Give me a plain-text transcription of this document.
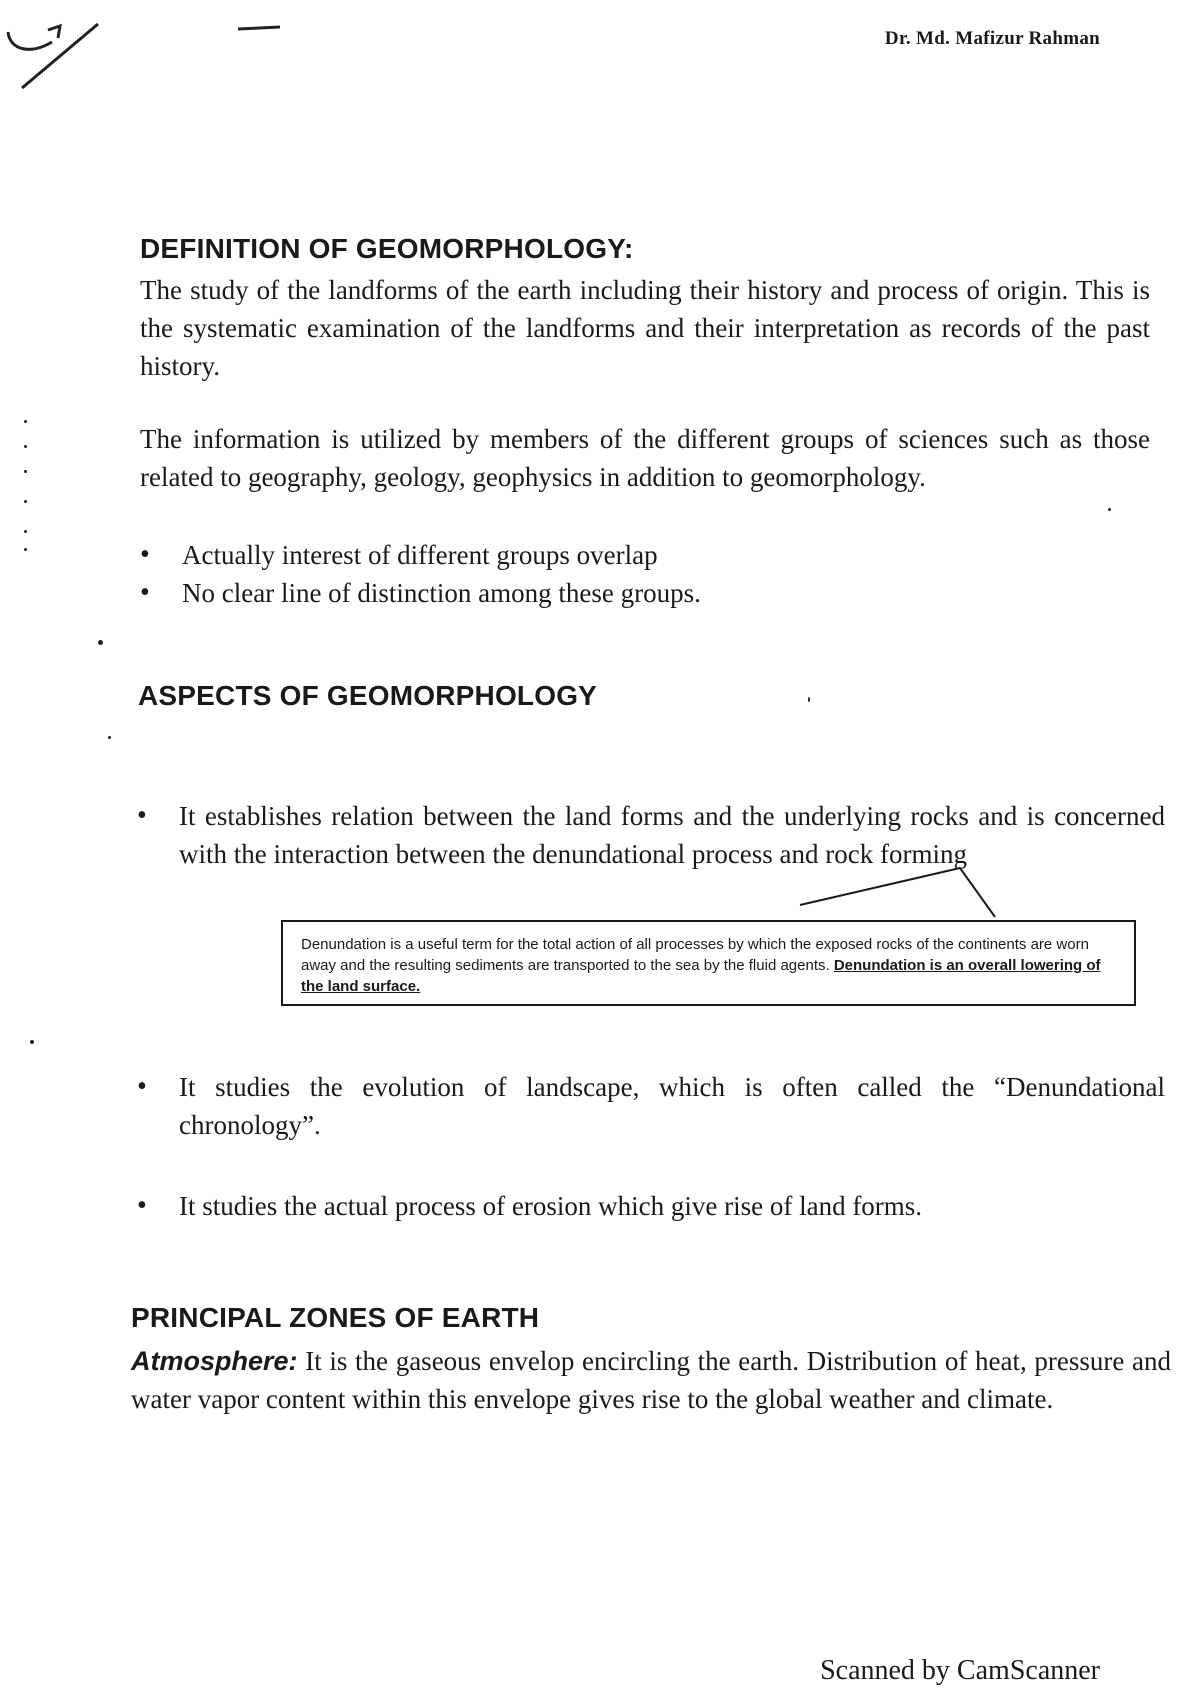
Dr. Md. Mafizur Rahman
DEFINITION OF GEOMORPHOLOGY:

The study of the landforms of the earth including their history and process of origin. This is the systematic examination of the landforms and their interpretation as records of the past history.

The information is utilized by members of the different groups of sciences such as those related to geography, geology, geophysics in addition to geomorphology.

• Actually interest of different groups overlap
• No clear line of distinction among these groups.
ASPECTS OF GEOMORPHOLOGY
• It establishes relation between the land forms and the underlying rocks and is concerned with the interaction between the denundational process and rock forming
Denundation is a useful term for the total action of all processes by which the exposed rocks of the continents are worn away and the resulting sediments are transported to the sea by the fluid agents. Denundation is an overall lowering of the land surface.
• It studies the evolution of landscape, which is often called the “Denundational chronology”.
• It studies the actual process of erosion which give rise of land forms.
PRINCIPAL ZONES OF EARTH

Atmosphere: It is the gaseous envelop encircling the earth. Distribution of heat, pressure and water vapor content within this envelope gives rise to the global weather and climate.

Scanned by CamScanner
